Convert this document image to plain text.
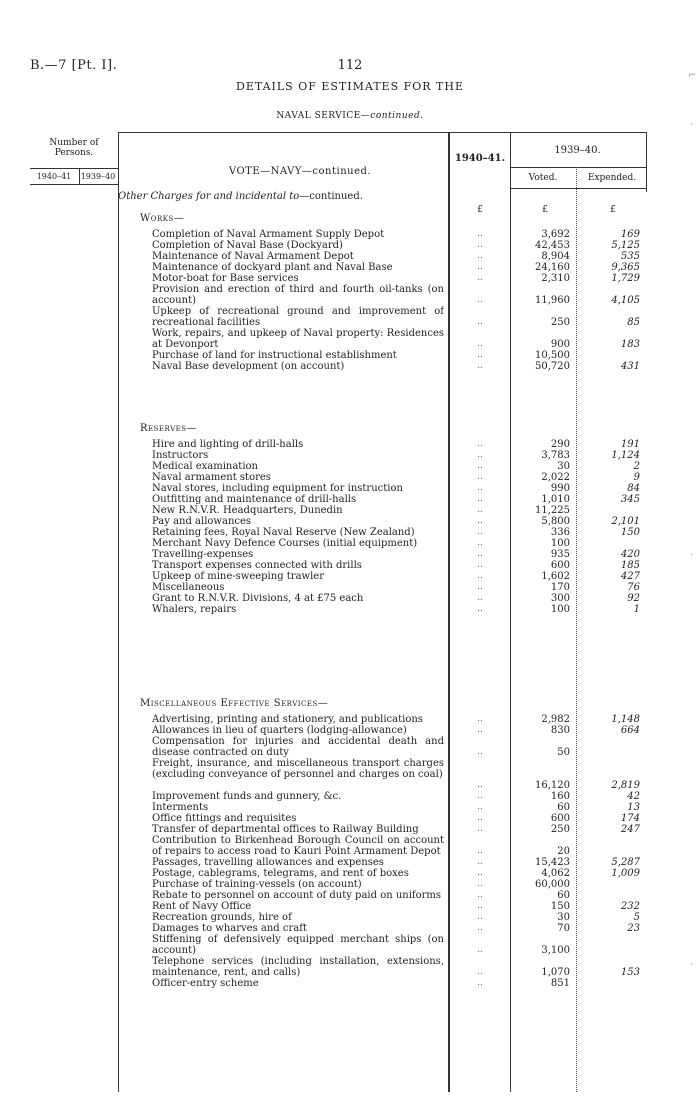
B.—7 [Pt. I].	112
DETAILS OF ESTIMATES FOR THE
NAVAL SERVICE—continued.
Number of Persons.
1940–41	1939–40	VOTE—NAVY—continued.
1940–41.
1939–40.
Voted.	Expended.
Other Charges for and incidental to—continued.
£	£	£
Works—
Completion of Naval Armament Supply Depot	..	3,692	169
Completion of Naval Base (Dockyard)	..	42,453	5,125
Maintenance of Naval Armament Depot	..	8,904	535
Maintenance of dockyard plant and Naval Base	..	24,160	9,365
Motor-boat for Base services	..	2,310	1,729
Provision and erection of third and fourth oil-tanks (on account)	..	11,960	4,105
Upkeep of recreational ground and improvement of recreational facilities	..	250	85
Work, repairs, and upkeep of Naval property: Residences at Devonport	..	900	183
Purchase of land for instructional establishment	..	10,500
Naval Base development (on account)	..	50,720	431
Reserves—
Hire and lighting of drill-halls	..	290	191
Instructors	..	3,783	1,124
Medical examination	..	30	2
Naval armament stores	..	2,022	9
Naval stores, including equipment for instruction	..	990	84
Outfitting and maintenance of drill-halls	..	1,010	345
New R.N.V.R. Headquarters, Dunedin	..	11,225
Pay and allowances	..	5,800	2,101
Retaining fees, Royal Naval Reserve (New Zealand)	..	336	150
Merchant Navy Defence Courses (initial equipment)	..	100
Travelling-expenses	..	935	420
Transport expenses connected with drills	..	600	185
Upkeep of mine-sweeping trawler	..	1,602	427
Miscellaneous	..	170	76
Grant to R.N.V.R. Divisions, 4 at £75 each	..	300	92
Whalers, repairs	..	100	1
Miscellaneous Effective Services—
Advertising, printing and stationery, and publications	..	2,982	1,148
Allowances in lieu of quarters (lodging-allowance)	..	830	664
Compensation for injuries and accidental death and disease contracted on duty	..	50
Freight, insurance, and miscellaneous transport charges (excluding conveyance of personnel and charges on coal)
..	16,120	2,819
Improvement funds and gunnery, &c.	..	160	42
Interments	..	60	13
Office fittings and requisites	..	600	174
Transfer of departmental offices to Railway Building	..	250	247
Contribution to Birkenhead Borough Council on account of repairs to access road to Kauri Point Armament Depot	..	20
Passages, travelling allowances and expenses	..	15,423	5,287
Postage, cablegrams, telegrams, and rent of boxes	..	4,062	1,009
Purchase of training-vessels (on account)	..	60,000
Rebate to personnel on account of duty paid on uniforms	..	60
Rent of Navy Office	..	150	232
Recreation grounds, hire of	..	30	5
Damages to wharves and craft	..	70	23
Stiffening of defensively equipped merchant ships (on account)	..	3,100
Telephone services (including installation, extensions, maintenance, rent, and calls)	..	1,070	153
Officer-entry scheme	..	851
⌐
·
·
·
